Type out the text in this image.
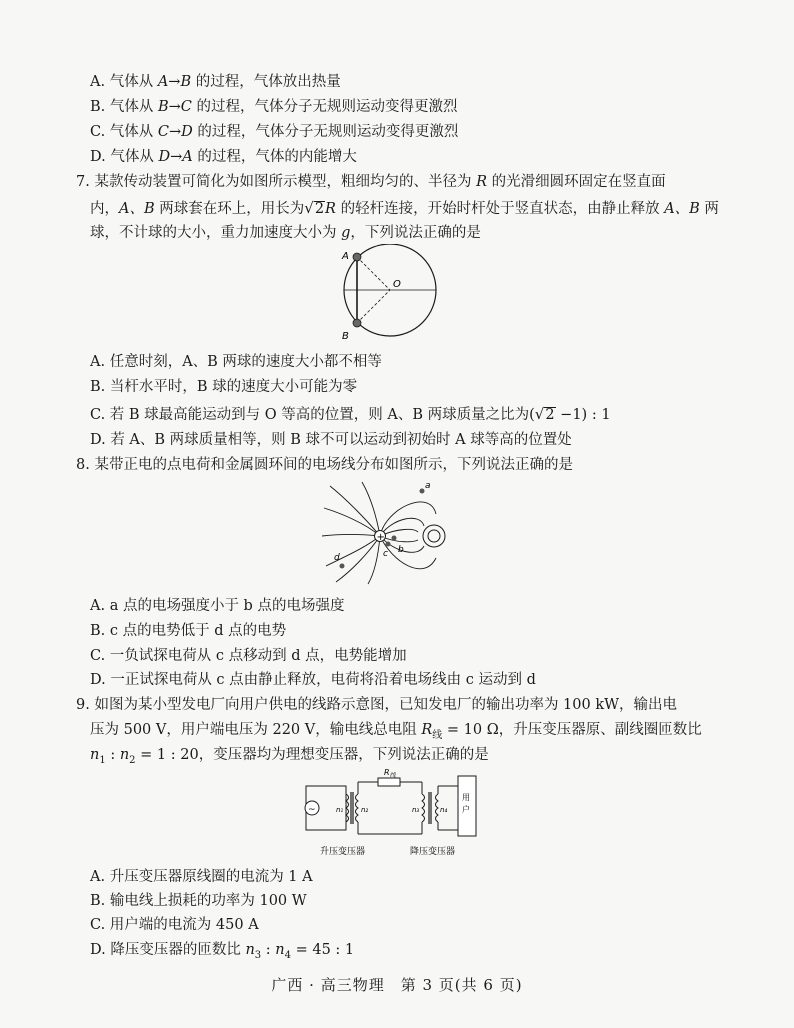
A. 气体从 A→B 的过程，气体放出热量
B. 气体从 B→C 的过程，气体分子无规则运动变得更激烈
C. 气体从 C→D 的过程，气体分子无规则运动变得更激烈
D. 气体从 D→A 的过程，气体的内能增大
7. 某款传动装置可简化为如图所示模型，粗细均匀的、半径为 R 的光滑细圆环固定在竖直面
内，A、B 两球套在环上，用长为√2R 的轻杆连接，开始时杆处于竖直状态，由静止释放 A、B 两
球，不计球的大小，重力加速度大小为 g，下列说法正确的是
A
B
O
A. 任意时刻，A、B 两球的速度大小都不相等
B. 当杆水平时，B 球的速度大小可能为零
C. 若 B 球最高能运动到与 O 等高的位置，则 A、B 两球质量之比为(√2 −1) : 1
D. 若 A、B 两球质量相等，则 B 球不可以运动到初始时 A 球等高的位置处
8. 某带正电的点电荷和金属圆环间的电场线分布如图所示，下列说法正确的是
+
a
b
c
d
A. a 点的电场强度小于 b 点的电场强度
B. c 点的电势低于 d 点的电势
C. 一负试探电荷从 c 点移动到 d 点，电势能增加
D. 一正试探电荷从 c 点由静止释放，电荷将沿着电场线由 c 运动到 d
9. 如图为某小型发电厂向用户供电的线路示意图，已知发电厂的输出功率为 100 kW，输出电
压为 500 V，用户端电压为 220 V，输电线总电阻 $R_线 = 10$ Ω，升压变压器原、副线圈匝数比
$n_1$ : $n_2 = 1$ : 20，变压器均为理想变压器，下列说法正确的是
~
$R_线$
n₁	n₂	n₃	n₄
用
户
升压变压器	降压变压器
A. 升压变压器原线圈的电流为 1 A
B. 输电线上损耗的功率为 100 W
C. 用户端的电流为 450 A
D. 降压变压器的匝数比 $n_3$ : $n_4 = 45$ : 1
广西 · 高三物理　第 3 页(共 6 页)
